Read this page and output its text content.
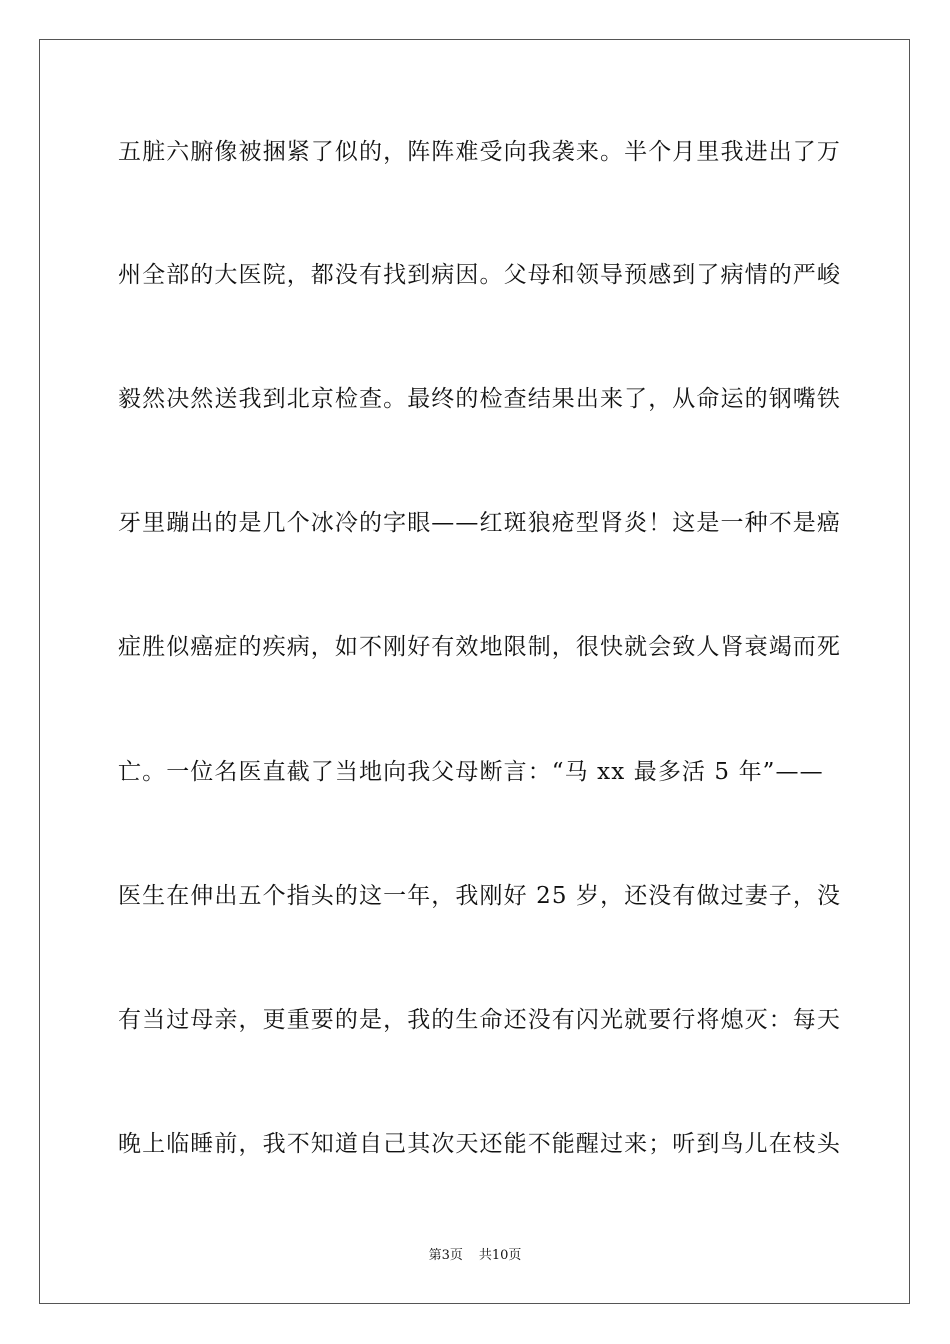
五脏六腑像被捆紧了似的，阵阵难受向我袭来。半个月里我进出了万
州全部的大医院，都没有找到病因。父母和领导预感到了病情的严峻
毅然决然送我到北京检查。最终的检查结果出来了，从命运的钢嘴铁
牙里蹦出的是几个冰冷的字眼——红斑狼疮型肾炎！这是一种不是癌
症胜似癌症的疾病，如不刚好有效地限制，很快就会致人肾衰竭而死
亡。一位名医直截了当地向我父母断言：“马 xx 最多活 5 年”——
医生在伸出五个指头的这一年，我刚好 25 岁，还没有做过妻子，没
有当过母亲，更重要的是，我的生命还没有闪光就要行将熄灭：每天
晚上临睡前，我不知道自己其次天还能不能醒过来；听到鸟儿在枝头
第3页 共10页
